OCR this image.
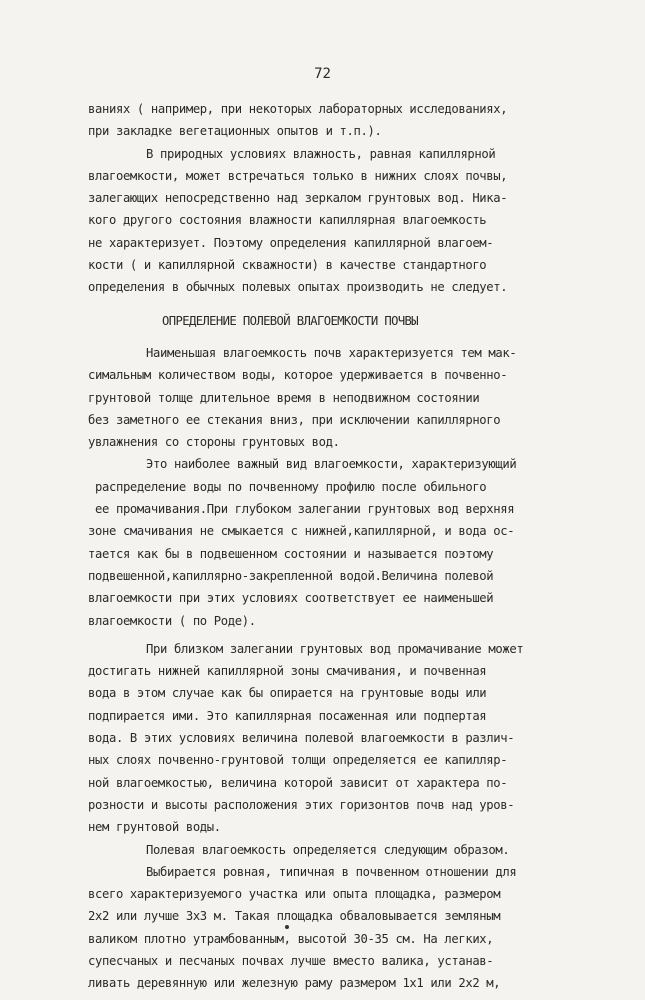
72
ваниях ( например, при некоторых лабораторных исследованиях,
при закладке вегетационных опытов и т.п.).
В природных условиях влажность, равная капиллярной
влагоемкости, может встречаться только в нижних слоях почвы,
залегающих непосредственно над зеркалом грунтовых вод. Ника-
кого другого состояния влажности капиллярная влагоемкость
не характеризует. Поэтому определения капиллярной влагоем-
кости ( и капиллярной скважности) в качестве стандартного
определения в обычных полевых опытах производить не следует.
ОПРЕДЕЛЕНИЕ ПОЛЕВОЙ ВЛАГОЕМКОСТИ ПОЧВЫ
Наименьшая влагоемкость почв характеризуется тем мак-
симальным количеством воды, которое удерживается в почвенно-
грунтовой толще длительное время в неподвижном состоянии
без заметного ее стекания вниз, при исключении капиллярного
увлажнения со стороны грунтовых вод.
Это наиболее важный вид влагоемкости, характеризующий
распределение воды по почвенному профилю после обильного
ее промачивания.При глубоком залегании грунтовых вод верхняя
зоне смачивания не смыкается с нижней,капиллярной, и вода ос-
тается как бы в подвешенном состоянии и называется поэтому
подвешенной,капиллярно-закрепленной водой.Величина полевой
влагоемкости при этих условиях соответствует ее наименьшей
влагоемкости ( по Роде).
При близком залегании грунтовых вод промачивание может
достигать нижней капиллярной зоны смачивания, и почвенная
вода в этом случае как бы опирается на грунтовые воды или
подпирается ими. Это капиллярная посаженная или подпертая
вода. В этих условиях величина полевой влагоемкости в различ-
ных слоях почвенно-грунтовой толщи определяется ее капилляр-
ной влагоемкостью, величина которой зависит от характера по-
розности и высоты расположения этих горизонтов почв над уров-
нем грунтовой воды.
Полевая влагоемкость определяется следующим образом.
Выбирается ровная, типичная в почвенном отношении для
всего характеризуемого участка или опыта площадка, размером
2х2 или лучше 3х3 м. Такая площадка обваловывается земляным
валиком плотно утрамбованным, высотой 30-35 см. На легких,
супесчаных и песчаных почвах лучше вместо валика, устанав-
ливать деревянную или железную раму размером 1х1 или 2х2 м,
